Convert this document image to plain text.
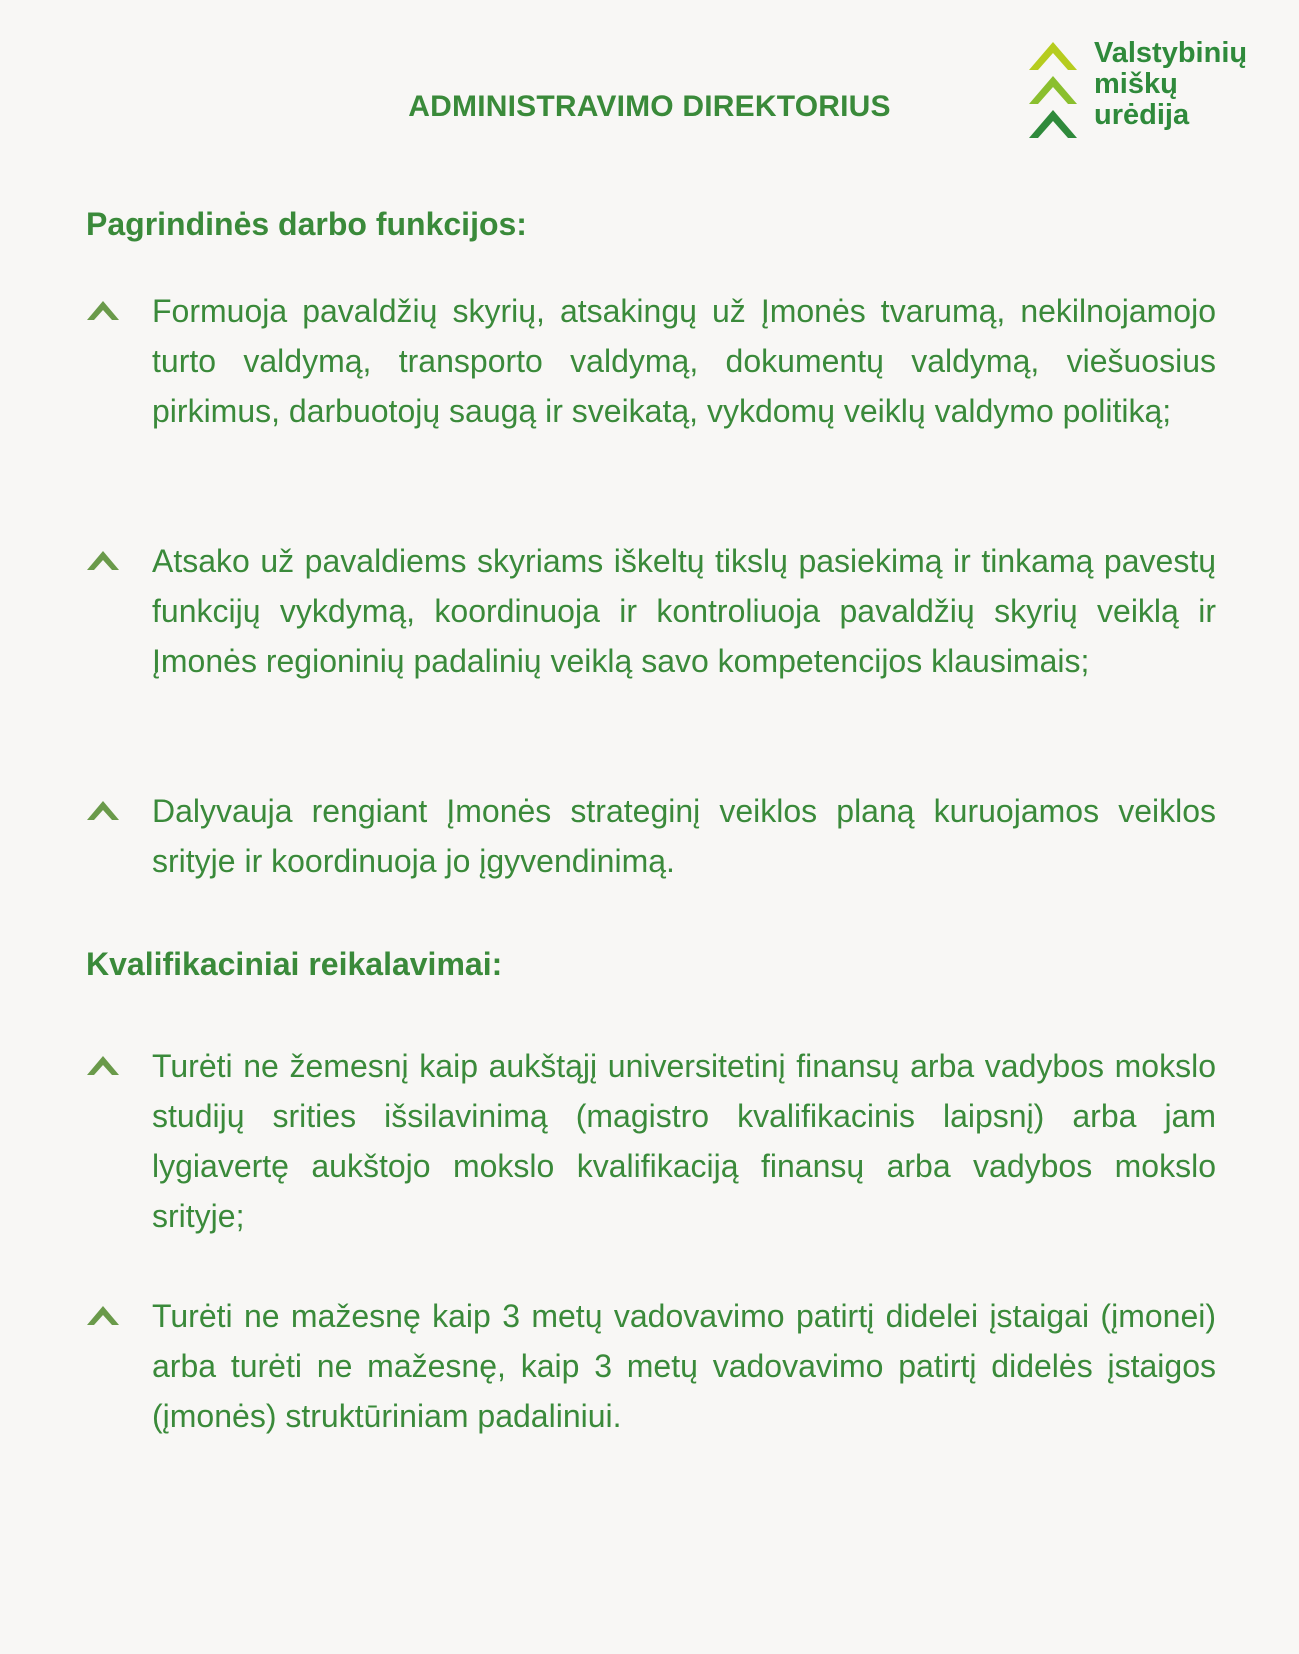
ADMINISTRAVIMO DIREKTORIUS
Valstybinių
miškų
urėdija
Pagrindinės darbo funkcijos:
Formuoja pavaldžių skyrių, atsakingų už Įmonės tvarumą, nekilnojamojo turto valdymą, transporto valdymą, dokumentų valdymą, viešuosius pirkimus, darbuotojų saugą ir sveikatą, vykdomų veiklų valdymo politiką;
Atsako už pavaldiems skyriams iškeltų tikslų pasiekimą ir tinkamą pavestų funkcijų vykdymą, koordinuoja ir kontroliuoja pavaldžių skyrių veiklą ir Įmonės regioninių padalinių veiklą savo kompetencijos klausimais;
Dalyvauja rengiant Įmonės strateginį veiklos planą kuruojamos veiklos srityje ir koordinuoja jo įgyvendinimą.
Kvalifikaciniai reikalavimai:
Turėti ne žemesnį kaip aukštąjį universitetinį finansų arba vadybos mokslo studijų srities išsilavinimą (magistro kvalifikacinis laipsnį) arba jam lygiavertę aukštojo mokslo kvalifikaciją finansų arba vadybos mokslo srityje;
Turėti ne mažesnę kaip 3 metų vadovavimo patirtį didelei įstaigai (įmonei) arba turėti ne mažesnę, kaip 3 metų vadovavimo patirtį didelės įstaigos (įmonės) struktūriniam padaliniui.
